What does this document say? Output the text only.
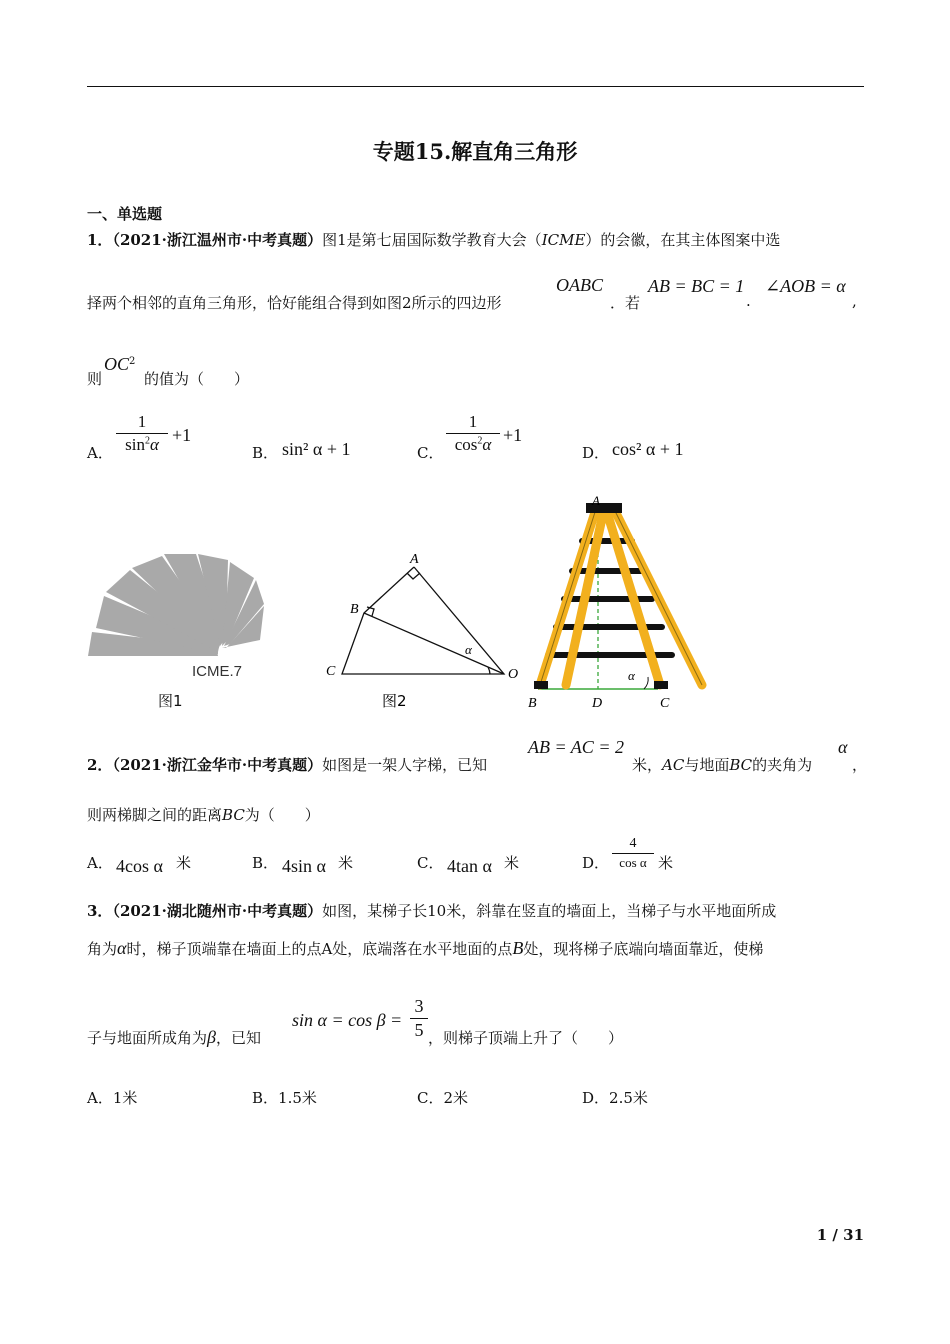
专题15.解直角三角形
一、单选题
1．（2021·浙江温州市·中考真题）图1是第七届国际数学教育大会（ICME）的会徽，在其主体图案中选
择两个相邻的直角三角形，恰好能组合得到如图2所示的四边形
OABC
．若
AB = BC = 1
.
∠AOB = α
,
则
$OC^2$
的值为（　　）
A．
1
$\sin^2\alpha +1$
B． sin² α + 1	C．
1
$\cos^2\alpha +1$
D． cos² α + 1
ICME.7
图1
A
B
C	O
α
图2
A
B	D	C
α
2．（2021·浙江金华市·中考真题）如图是一架人字梯，已知
AB = AC = 2
米，AC与地面BC的夹角为
α
，
则两梯脚之间的距离BC为（　　）
A． 4cos α 米	B． 4sin α 米	C． 4tan α 米	D．
4
cos α 米
3．（2021·湖北随州市·中考真题）如图，某梯子长10米，斜靠在竖直的墙面上，当梯子与水平地面所成
角为α时，梯子顶端靠在墙面上的点A处，底端落在水平地面的点B处，现将梯子底端向墙面靠近，使梯
子与地面所成角为β，已知
sin α = cos β =
3
5 ，则梯子顶端上升了（　　）
A．1米	B．1.5米	C．2米	D．2.5米
1 / 31
